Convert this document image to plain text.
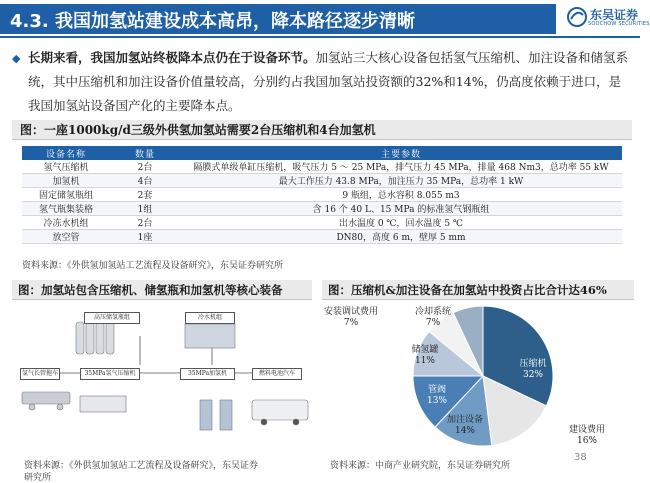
4.3. 我国加氢站建设成本高昂，降本路径逐步清晰	东吴证券
SOOCHOW SECURITIES
◆ 长期来看，我国加氢站终极降本点仍在于设备环节。加氢站三大核心设备包括氢气压缩机、加注设备和储氢系统，其中压缩机和加注设备价值量较高，分别约占我国加氢站投资额的32%和14%，仍高度依赖于进口，是我国加氢站设备国产化的主要降本点。
图：一座1000kg/d三级外供氢加氢站需要2台压缩机和4台加氢机
设备名称	数量	主要参数
氢气压缩机	2台	隔膜式单级单缸压缩机，吸气压力 5 ～ 25 MPa，排气压力 45 MPa，排量 468 Nm3，总功率 55 kW
加氢机	4台	最大工作压力 43.8 MPa，加注压力 35 MPa，总功率 1 kW
固定储氢瓶组	2套	9 瓶组，总水容积 8.055 m3
氢气瓶集装格	1组	含 16 个 40 L、15 MPa 的标准氢气钢瓶组
冷冻水机组	2台	出水温度 0 ℃，回水温度 5 ℃
放空管	1座	DN80，高度 6 m，壁厚 5 mm
资料来源：《外供氢加氢站工艺流程及设备研究》，东吴证券研究所
图：加氢站包含压缩机、储氢瓶和加氢机等核心装备
高压储氢瓶组	冷水机组
氢气长管拖车	35MPa氢气压缩机	35MPa加氢机	燃料电池汽车
资料来源：《外供氢加氢站工艺流程及设备研究》，东吴证券
研究所
图：压缩机&加注设备在加氢站中投资占比合计达46%
压缩机
32%
建设费用
16%
加注设备
14%
管阀
13%
储氢罐
11%
安装调试费用
7%
冷却系统
7%
资料来源：中商产业研究院，东吴证券研究所
38
